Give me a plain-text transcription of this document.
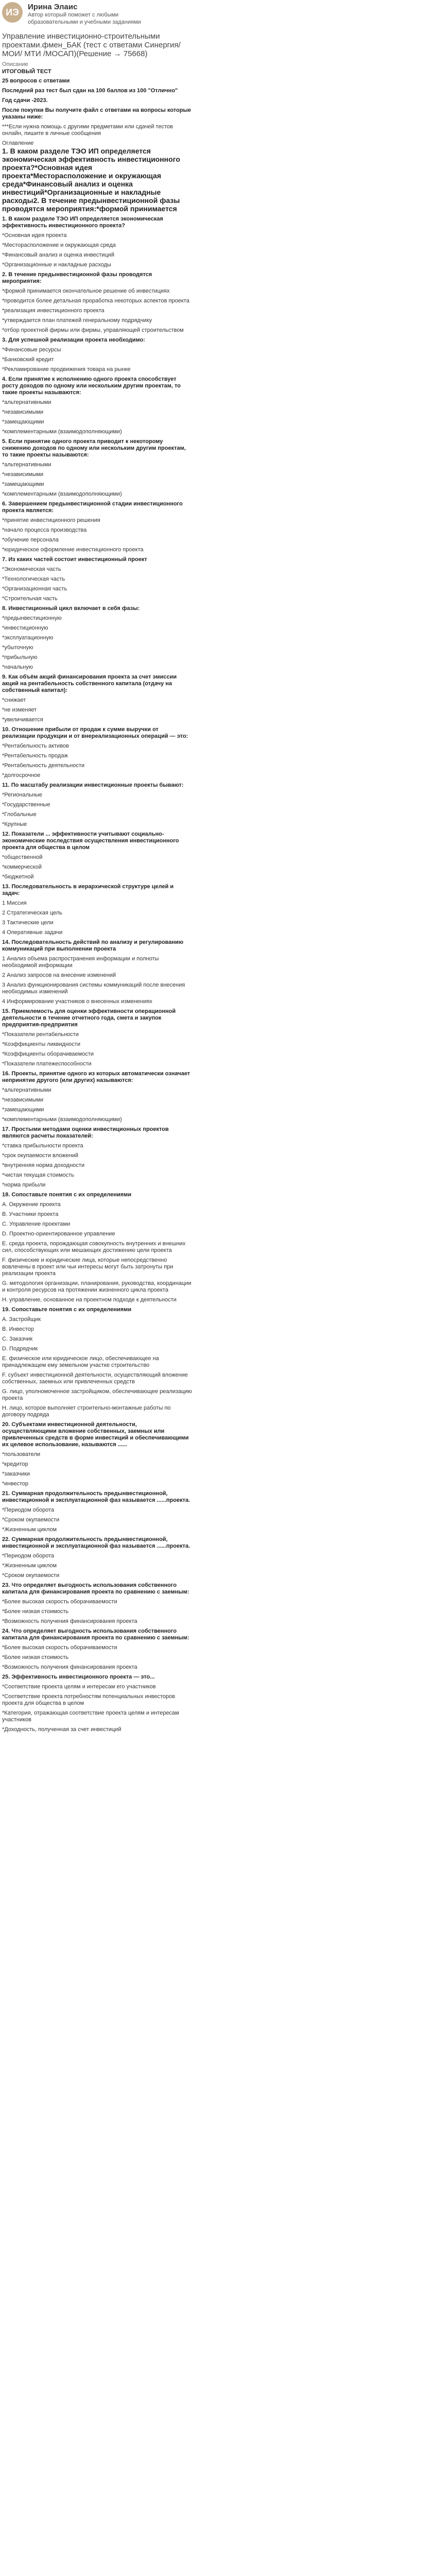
ИЭ	Ирина Элаис
Автор который поможет с любыми образовательными и учебными заданиями
Управление инвестиционно-строительными проектами.фмен_БАК (тест с ответами Синергия/МОИ/ МТИ /МОСАП)(Решение → 75668)
Описание
ИТОГОВЫЙ ТЕСТ
25 вопросов с ответами
Последний раз тест был сдан на 100 баллов из 100 "Отлично"
Год сдачи -2023.
После покупки Вы получите файл с ответами на вопросы которые указаны ниже:
***Если нужна помощь с другими предметами или сдачей тестов онлайн, пишите в личные сообщения
Оглавление
1. В каком разделе ТЭО ИП определяется экономическая эффективность инвестиционного проекта?*Основная идея проекта*Месторасположение и окружающая среда*Финансовый анализ и оценка инвестиций*Организационные и накладные расходы2. В течение предынвестиционной фазы проводятся мероприятия:*формой принимается
1. В каком разделе ТЭО ИП определяется экономическая эффективность инвестиционного проекта?
*Основная идея проекта
*Месторасположение и окружающая среда
*Финансовый анализ и оценка инвестиций
*Организационные и накладные расходы
2. В течение предынвестиционной фазы проводятся мероприятия:
*формой принимается окончательное решение об инвестициях
*проводится более детальная проработка некоторых аспектов проекта
*реализация инвестиционного проекта
*утверждается план платежей генеральному подрядчику
*отбор проектной фирмы или фирмы, управляющей строительством
3. Для успешной реализации проекта необходимо:
*Финансовые ресурсы
*Банковский кредит
*Рекламирование продвижения товара на рынке
4. Если принятие к исполнению одного проекта способствует росту доходов по одному или нескольким другим проектам, то такие проекты называются:
*альтернативными
*независимыми
*замещающими
*комплементарными (взаимодополняющими)
5. Если принятие одного проекта приводит к некоторому снижению доходов по одному или нескольким другим проектам, то такие проекты называются:
*альтернативными
*независимыми
*замещающими
*комплементарными (взаимодополняющими)
6. Завершением предынвестиционной стадии инвестиционного проекта является:
*принятие инвестиционного решения
*начало процесса производства
*обучение персонала
*юридическое оформление инвестиционного проекта
7. Из каких частей состоит инвестиционный проект
*Экономическая часть
*Технологическая часть
*Организационная часть
*Строительная часть
8. Инвестиционный цикл включает в себя фазы:
*предынвестиционную
*инвестиционную
*эксплуатационную
*убыточную
*прибыльную
*начальную
9. Как объём акций финансирования проекта за счет эмиссии акций на рентабельность собственного капитала (отдачу на собственный капитал):
*снижает
*не изменяет
*увеличивается
10. Отношение прибыли от продаж к сумме выручки от реализации продукции и от внереализационных операций — это:
*Рентабельность активов
*Рентабельность продаж
*Рентабельность деятельности
*долгосрочное
11. По масштабу реализации инвестиционные проекты бывают:
*Региональные
*Государственные
*Глобальные
*Крупные
12. Показатели ... эффективности учитывают социально-экономические последствия осуществления инвестиционного проекта для общества в целом
*общественной
*коммерческой
*бюджетной
13. Последовательность в иерархической структуре целей и задач:
1 Миссия
2 Стратегическая цель
3 Тактические цели
4 Оперативные задачи
14. Последовательность действий по анализу и регулированию коммуникаций при выполнении проекта
1 Анализ объема распространения информации и полноты необходимой информации
2 Анализ запросов на внесение изменений
3 Анализ функционирования системы коммуникаций после внесения необходимых изменений
4 Информирование участников о внесенных изменениях
15. Приемлемость для оценки эффективности операционной деятельности в течение отчетного года, смета и закупок предприятия-предприятия
*Показатели рентабельности
*Коэффициенты ликвидности
*Коэффициенты оборачиваемости
*Показатели платежеспособности
16. Проекты, принятие одного из которых автоматически означает непринятие другого (или других) называются:
*альтернативными
*независимыми
*замещающими
*комплементарными (взаимодополняющими)
17. Простыми методами оценки инвестиционных проектов являются расчеты показателей:
*ставка прибыльности проекта
*срок окупаемости вложений
*внутренняя норма доходности
*чистая текущая стоимость
*норма прибыли
18. Сопоставьте понятия с их определениями
A. Окружение проекта
B. Участники проекта
C. Управление проектами
D. Проектно-ориентированное управление
E. среда проекта, порождающая совокупность внутренних и внешних сил, способствующих или мешающих достижению цели проекта
F. физические и юридические лица, которые непосредственно вовлечены в проект или чьи интересы могут быть затронуты при реализации проекта
G. методология организации, планирования, руководства, координации и контроля ресурсов на протяжении жизненного цикла проекта
H. управление, основанное на проектном подходе к деятельности
19. Сопоставьте понятия с их определениями
A. Застройщик
B. Инвестор
C. Заказчик
D. Подрядчик
E. физическое или юридическое лицо, обеспечивающее на принадлежащем ему земельном участке строительство
F. субъект инвестиционной деятельности, осуществляющий вложение собственных, заемных или привлеченных средств
G. лицо, уполномоченное застройщиком, обеспечивающее реализацию проекта
H. лицо, которое выполняет строительно-монтажные работы по договору подряда
20. Субъектами инвестиционной деятельности, осуществляющими вложение собственных, заемных или привлеченных средств в форме инвестиций и обеспечивающими их целевое использование, называются ......
*пользователи
*кредитор
*заказчики
*инвестор
21. Суммарная продолжительность предынвестиционной, инвестиционной и эксплуатационной фаз называется ......проекта.
*Периодом оборота
*Сроком окупаемости
*Жизненным циклом
22. Суммарная продолжительность предынвестиционной, инвестиционной и эксплуатационной фаз называется ......проекта.
*Периодом оборота
*Жизненным циклом
*Сроком окупаемости
23. Что определяет выгодность использования собственного капитала для финансирования проекта по сравнению с заемным:
*Более высокая скорость оборачиваемости
*Более низкая стоимость
*Возможность получения финансирования проекта
24. Что определяет выгодность использования собственного капитала для финансирования проекта по сравнению с заемным:
*Более высокая скорость оборачиваемости
*Более низкая стоимость
*Возможность получения финансирования проекта
25. Эффективность инвестиционного проекта — это...
*Соответствие проекта целям и интересам его участников
*Соответствие проекта потребностям потенциальных инвесторов проекта для общества в целом
*Категория, отражающая соответствие проекта целям и интересам участников
*Доходность, полученная за счет инвестиций
